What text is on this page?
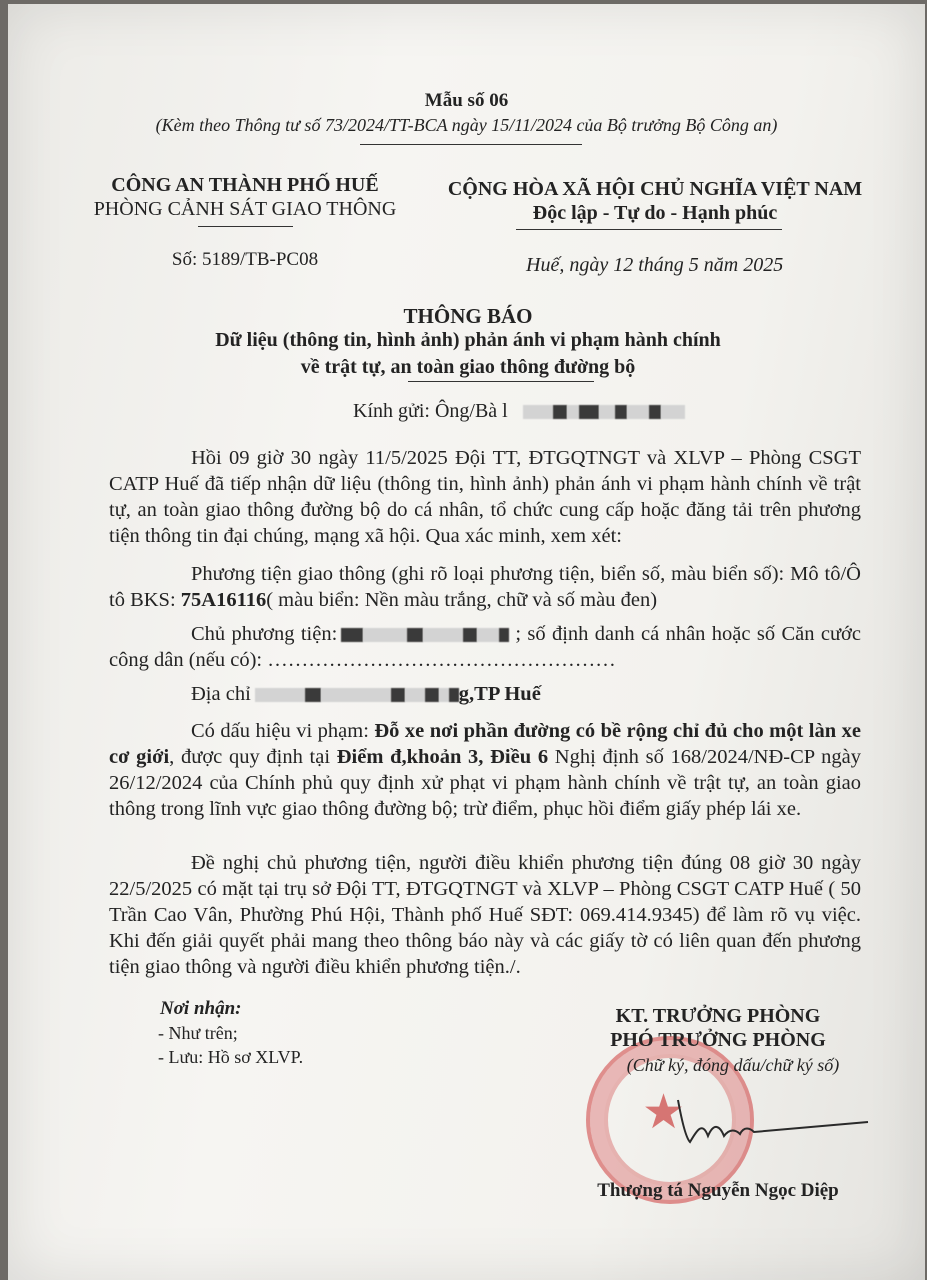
Mẫu số 06
(Kèm theo Thông tư số 73/2024/TT-BCA ngày 15/11/2024 của Bộ trưởng Bộ Công an)
CÔNG AN THÀNH PHỐ HUẾ
PHÒNG CẢNH SÁT GIAO THÔNG
Số: 5189/TB-PC08
CỘNG HÒA XÃ HỘI CHỦ NGHĨA VIỆT NAM
Độc lập - Tự do - Hạnh phúc
Huế, ngày 12 tháng 5 năm 2025
THÔNG BÁO
Dữ liệu (thông tin, hình ảnh) phản ánh vi phạm hành chính
về trật tự, an toàn giao thông đường bộ
Kính gửi: Ông/Bà l
Hồi 09 giờ 30 ngày 11/5/2025 Đội TT, ĐTGQTNGT và XLVP – Phòng CSGT CATP Huế đã tiếp nhận dữ liệu (thông tin, hình ảnh) phản ánh vi phạm hành chính về trật tự, an toàn giao thông đường bộ do cá nhân, tổ chức cung cấp hoặc đăng tải trên phương tiện thông tin đại chúng, mạng xã hội. Qua xác minh, xem xét:
Phương tiện giao thông (ghi rõ loại phương tiện, biển số, màu biển số): Mô tô/Ô tô BKS: 75A16116( màu biển: Nền màu trắng, chữ và số màu đen)
Chủ phương tiện:	; số định danh cá nhân hoặc số Căn cước công dân (nếu có): ……………………………………………
Địa chỉ	g,TP Huế
Có dấu hiệu vi phạm: Đỗ xe nơi phần đường có bề rộng chỉ đủ cho một làn xe cơ giới, được quy định tại Điểm đ,khoản 3, Điều 6 Nghị định số 168/2024/NĐ-CP ngày 26/12/2024 của Chính phủ quy định xử phạt vi phạm hành chính về trật tự, an toàn giao thông trong lĩnh vực giao thông đường bộ; trừ điểm, phục hồi điểm giấy phép lái xe.
Đề nghị chủ phương tiện, người điều khiển phương tiện đúng 08 giờ 30 ngày 22/5/2025 có mặt tại trụ sở Đội TT, ĐTGQTNGT và XLVP – Phòng CSGT CATP Huế ( 50 Trần Cao Vân, Phường Phú Hội, Thành phố Huế SĐT: 069.414.9345) để làm rõ vụ việc. Khi đến giải quyết phải mang theo thông báo này và các giấy tờ có liên quan đến phương tiện giao thông và người điều khiển phương tiện./.
Nơi nhận:
- Như trên;
- Lưu: Hồ sơ XLVP.
★
KT. TRƯỞNG PHÒNG
PHÓ TRƯỞNG PHÒNG
(Chữ ký, đóng dấu/chữ ký số)
Thượng tá Nguyễn Ngọc Diệp
